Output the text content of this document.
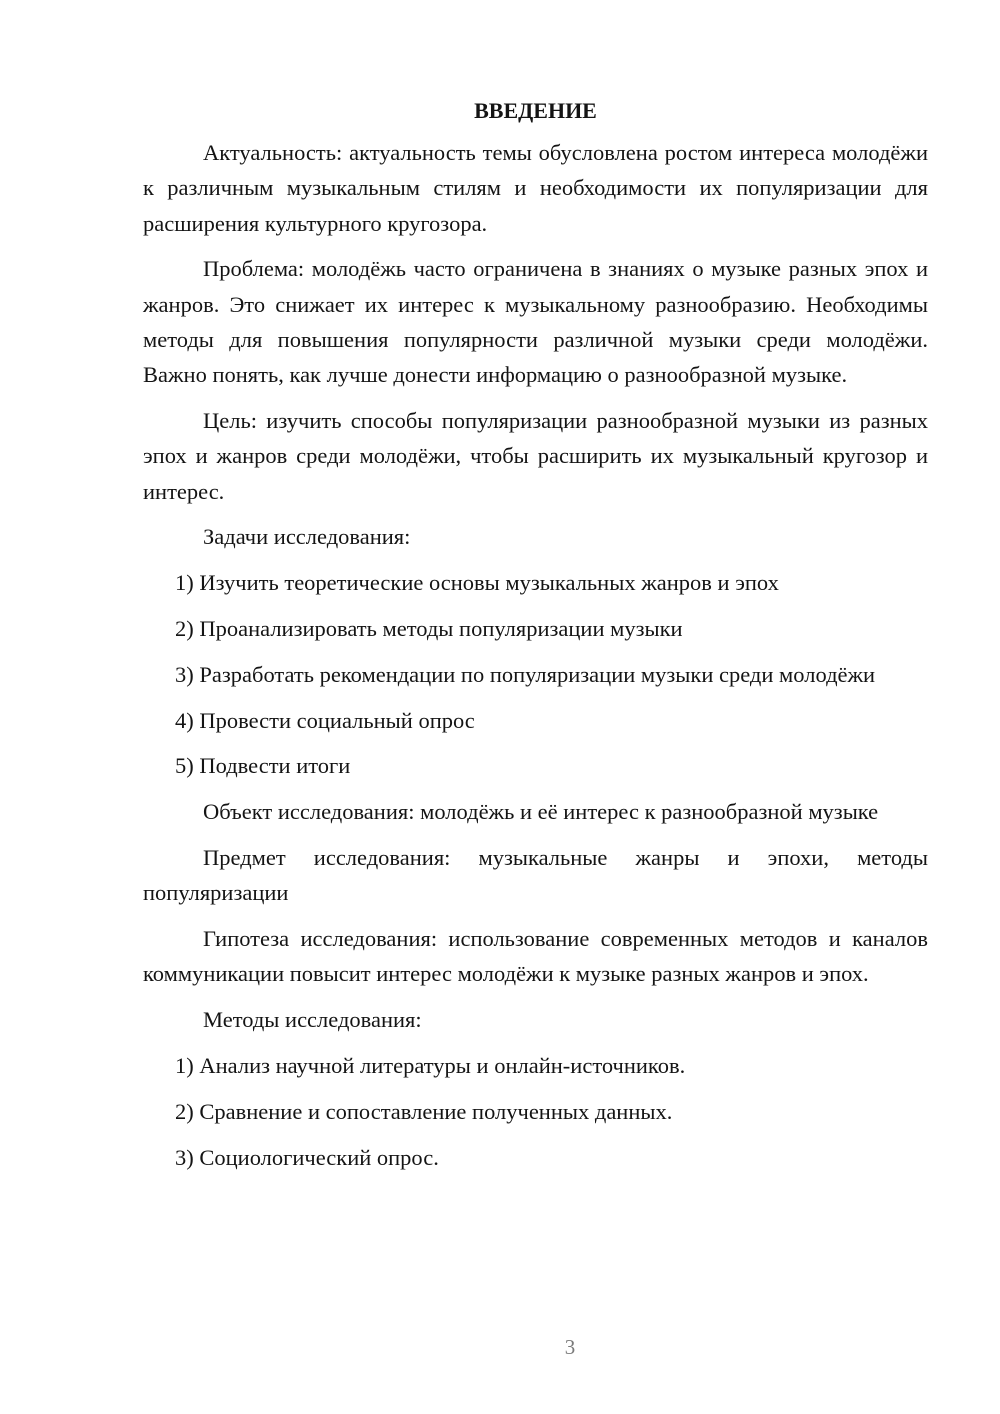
ВВЕДЕНИЕ

Актуальность: актуальность темы обусловлена ростом интереса молодёжи к различным музыкальным стилям и необходимости их популяризации для расширения культурного кругозора.

Проблема: молодёжь часто ограничена в знаниях о музыке разных эпох и жанров. Это снижает их интерес к музыкальному разнообразию. Необходимы методы для повышения популярности различной музыки среди молодёжи. Важно понять, как лучше донести информацию о разнообразной музыке.

Цель: изучить способы популяризации разнообразной музыки из разных эпох и жанров среди молодёжи, чтобы расширить их музыкальный кругозор и интерес.

Задачи исследования:

1) Изучить теоретические основы музыкальных жанров и эпох

2) Проанализировать методы популяризации музыки

3) Разработать рекомендации по популяризации музыки среди молодёжи

4) Провести социальный опрос

5) Подвести итоги

Объект исследования: молодёжь и её интерес к разнообразной музыке

Предмет исследования: музыкальные жанры и эпохи, методы популяризации

Гипотеза исследования: использование современных методов и каналов коммуникации повысит интерес молодёжи к музыке разных жанров и эпох.

Методы исследования:

1) Анализ научной литературы и онлайн-источников.

2) Сравнение и сопоставление полученных данных.

3) Социологический опрос.

3
